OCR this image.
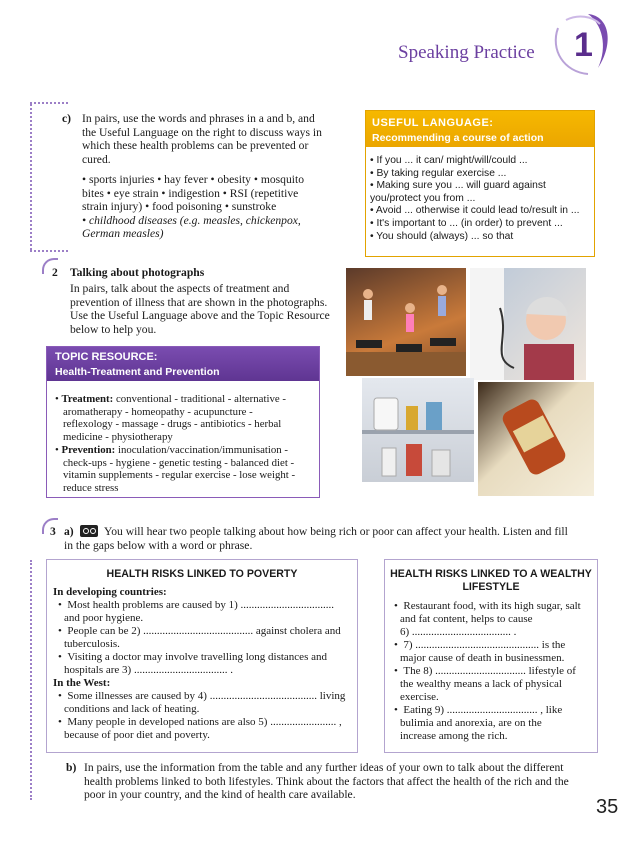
Speaking Practice 1
c) In pairs, use the words and phrases in a and b, and
the Useful Language on the right to discuss ways in
which these health problems can be prevented or
cured.
• sports injuries • hay fever • obesity • mosquito
bites • eye strain • indigestion • RSI (repetitive
strain injury) • food poisoning • sunstroke
• childhood diseases (e.g. measles, chickenpox,
German measles)
USEFUL LANGUAGE:
Recommending a course of action
• If you ... it can/ might/will/could ...
• By taking regular exercise ...
• Making sure you ... will guard against
you/protect you from ...
• Avoid ... otherwise it could lead to/result in ...
• It's important to ... (in order) to prevent ...
• You should (always) ... so that
2 Talking about photographs
In pairs, talk about the aspects of treatment and
prevention of illness that are shown in the photographs.
Use the Useful Language above and the Topic Resource
below to help you.
TOPIC RESOURCE:
Health-Treatment and Prevention
• Treatment: conventional - traditional - alternative -
aromatherapy - homeopathy - acupuncture -
reflexology - massage - drugs - antibiotics - herbal
medicine - physiotherapy
• Prevention: inoculation/vaccination/immunisation -
check-ups - hygiene - genetic testing - balanced diet -
vitamin supplements - regular exercise - lose weight -
reduce stress
3 a)	You will hear two people talking about how being rich or poor can affect your health. Listen and fill
in the gaps below with a word or phrase.
HEALTH RISKS LINKED TO POVERTY
In developing countries:
•  Most health problems are caused by 1) ..................................
and poor hygiene.
•  People can be 2) ........................................ against cholera and
tuberculosis.
•  Visiting a doctor may involve travelling long distances and
hospitals are 3) .................................. .
In the West:
•  Some illnesses are caused by 4) ....................................... living
conditions and lack of heating.
•  Many people in developed nations are also 5) ........................ ,
because of poor diet and poverty.
HEALTH RISKS LINKED TO A WEALTHY
LIFESTYLE
•  Restaurant food, with its high sugar, salt
and fat content, helps to cause
6) .................................... .
•  7) ............................................. is the
major cause of death in businessmen.
•  The 8) ................................. lifestyle of
the wealthy means a lack of physical
exercise.
•  Eating 9) ................................. , like
bulimia and anorexia, are on the
increase among the rich.
b) In pairs, use the information from the table and any further ideas of your own to talk about the different
health problems linked to both lifestyles. Think about the factors that affect the health of the rich and the
poor in your country, and the kind of health care available.
35
